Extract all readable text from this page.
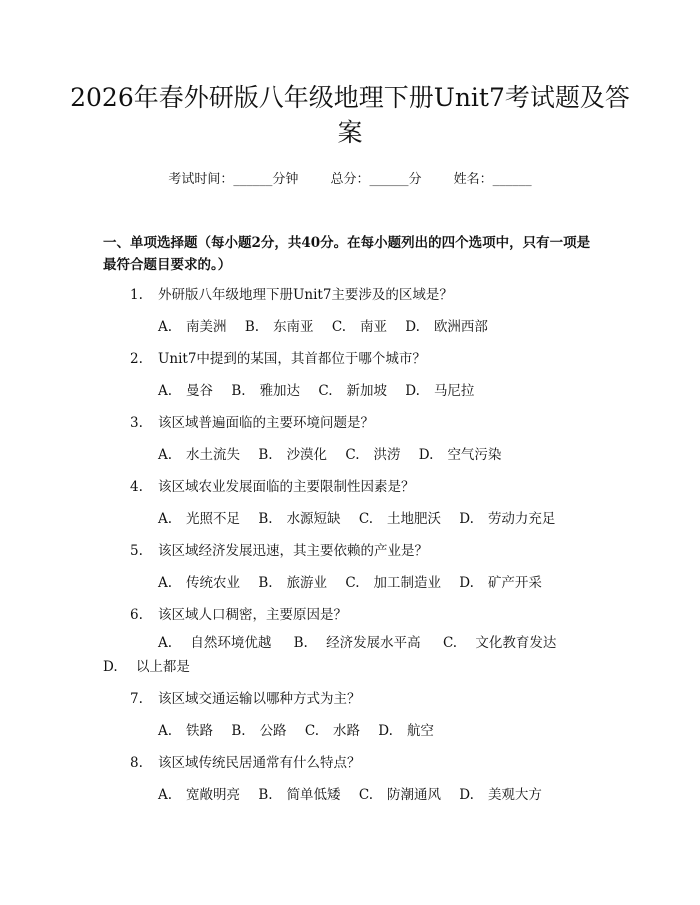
2026年春外研版八年级地理下册Unit7考试题及答案
考试时间：______分钟 总分：______分 姓名：______
一、单项选择题（每小题2分，共40分。在每小题列出的四个选项中，只有一项是最符合题目要求的。）
1. 外研版八年级地理下册Unit7主要涉及的区域是？
A. 南美洲 B. 东南亚 C. 南亚 D. 欧洲西部
2. Unit7中提到的某国，其首都位于哪个城市？
A. 曼谷 B. 雅加达 C. 新加坡 D. 马尼拉
3. 该区域普遍面临的主要环境问题是？
A. 水土流失 B. 沙漠化 C. 洪涝 D. 空气污染
4. 该区域农业发展面临的主要限制性因素是？
A. 光照不足 B. 水源短缺 C. 土地肥沃 D. 劳动力充足
5. 该区域经济发展迅速，其主要依赖的产业是？
A. 传统农业 B. 旅游业 C. 加工制造业 D. 矿产开采
6. 该区域人口稠密，主要原因是？
A. 自然环境优越 B. 经济发展水平高 C. 文化教育发达 D. 以上都是
7. 该区域交通运输以哪种方式为主？
A. 铁路 B. 公路 C. 水路 D. 航空
8. 该区域传统民居通常有什么特点？
A. 宽敞明亮 B. 简单低矮 C. 防潮通风 D. 美观大方
